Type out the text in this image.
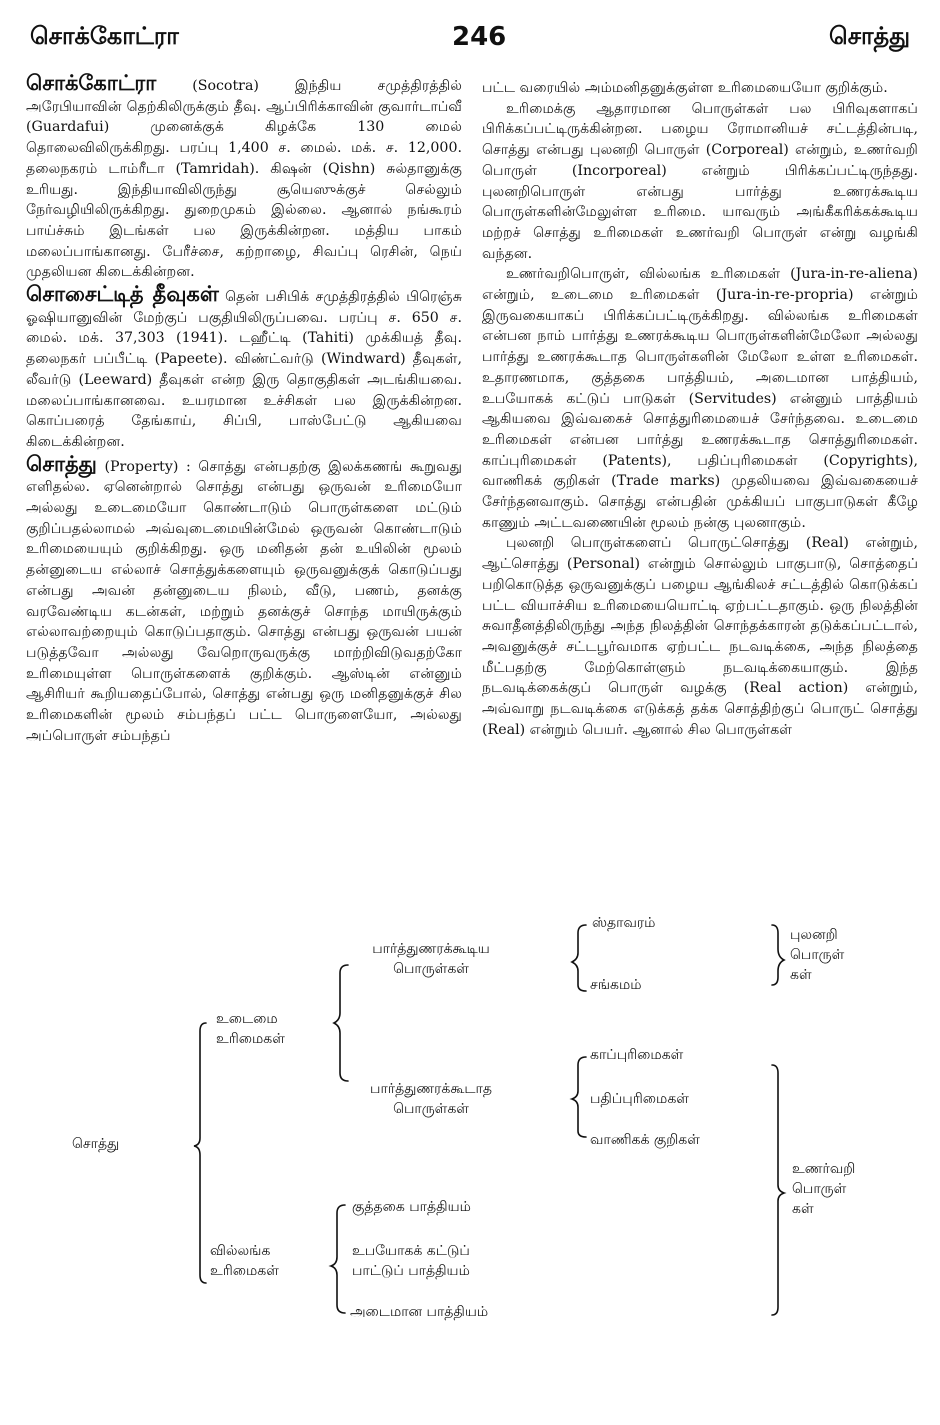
சொக்கோட்ரா	246	சொத்து

சொக்கோட்ரா	(Socotra) இந்திய சமுத்திரத்தில் அரேபியாவின் தெற்கிலிருக்கும் தீவு. ஆப்பிரிக்காவின் குவார்டாப்வீ (Guardafui) முனைக்குக் கிழக்கே 130 மைல் தொலைவிலிருக்கிறது. பரப்பு 1,400 ச. மைல். மக். ச. 12,000. தலைநகரம் டாம்ரீடா (Tamridah). கிஷன் (Qishn) சுல்தானுக்கு உரியது. இந்தியாவிலிருந்து சூயெஸுக்குச் செல்லும் நேர்வழியிலிருக்கிறது. துறைமுகம் இல்லை. ஆனால் நங்கூரம் பாய்ச்சும் இடங்கள் பல இருக்கின்றன. மத்திய பாகம் மலைப்பாங்கானது. பேரீச்சை, கற்றாழை, சிவப்பு ரெசின், நெய் முதலியன கிடைக்கின்றன.

சொசைட்டித் தீவுகள் தென் பசிபிக் சமுத்திரத்தில் பிரெஞ்சு ஓஷியானுவின் மேற்குப் பகுதியிலிருப்பவை. பரப்பு ச. 650 ச. மைல். மக். 37,303 (1941). டஹீட்டி (Tahiti) முக்கியத் தீவு. தலைநகர் பப்பீட்டி (Papeete). விண்ட்வர்டு (Windward) தீவுகள், லீவர்டு (Leeward) தீவுகள் என்ற இரு தொகுதிகள் அடங்கியவை. மலைப்பாங்கானவை. உயரமான உச்சிகள் பல இருக்கின்றன. கொப்பரைத் தேங்காய், சிப்பி, பாஸ்பேட்டு ஆகியவை கிடைக்கின்றன.

சொத்து (Property) : சொத்து என்பதற்கு இலக்கணங் கூறுவது எளிதல்ல. ஏனென்றால் சொத்து என்பது ஒருவன் உரிமையோ அல்லது உடைமையோ கொண்டாடும் பொருள்களை மட்டும் குறிப்பதல்லாமல் அவ்வுடைமையின்மேல் ஒருவன் கொண்டாடும் உரிமையையும் குறிக்கிறது. ஒரு மனிதன் தன் உயிலின் மூலம் தன்னுடைய எல்லாச் சொத்துக்களையும் ஒருவனுக்குக் கொடுப்பது என்பது அவன் தன்னுடைய நிலம், வீடு, பணம், தனக்கு வரவேண்டிய கடன்கள், மற்றும் தனக்குச் சொந்த மாயிருக்கும் எல்லாவற்றையும் கொடுப்பதாகும். சொத்து என்பது ஒருவன் பயன் படுத்தவோ அல்லது வேறொருவருக்கு மாற்றிவிடுவதற்கோ உரிமையுள்ள பொருள்களைக் குறிக்கும். ஆஸ்டின் என்னும் ஆசிரியர் கூறியதைப்போல், சொத்து என்பது ஒரு மனிதனுக்குச் சில உரிமைகளின் மூலம் சம்பந்தப் பட்ட பொருளையோ, அல்லது அப்பொருள் சம்பந்தப்

பட்ட வரையில் அம்மனிதனுக்குள்ள உரிமையையோ குறிக்கும்.

உரிமைக்கு ஆதாரமான பொருள்கள் பல பிரிவுகளாகப் பிரிக்கப்பட்டிருக்கின்றன. பழைய ரோமானியச் சட்டத்தின்படி, சொத்து என்பது புலனறி பொருள் (Corporeal) என்றும், உணர்வறி பொருள் (Incorporeal) என்றும் பிரிக்கப்பட்டிருந்தது. புலனறிபொருள் என்பது பார்த்து உணரக்கூடிய பொருள்களின்மேலுள்ள உரிமை. யாவரும் அங்கீகரிக்கக்கூடிய மற்றச் சொத்து உரிமைகள் உணர்வறி பொருள் என்று வழங்கி வந்தன.

உணர்வறிபொருள், வில்லங்க உரிமைகள் (Jura-in-re-aliena) என்றும், உடைமை உரிமைகள் (Jura-in-re-propria) என்றும் இருவகையாகப் பிரிக்கப்பட்டிருக்கிறது. வில்லங்க உரிமைகள் என்பன நாம் பார்த்து உணரக்கூடிய பொருள்களின்மேலோ அல்லது பார்த்து உணரக்கூடாத பொருள்களின் மேலோ உள்ள உரிமைகள். உதாரணமாக, குத்தகை பாத்தியம், அடைமான பாத்தியம், உபயோகக் கட்டுப் பாடுகள் (Servitudes) என்னும் பாத்தியம் ஆகியவை இவ்வகைச் சொத்துரிமையைச் சேர்ந்தவை. உடைமை உரிமைகள் என்பன பார்த்து உணரக்கூடாத சொத்துரிமைகள். காப்புரிமைகள் (Patents), பதிப்புரிமைகள் (Copyrights), வாணிகக் குறிகள் (Trade marks) முதலியவை இவ்வகையைச் சேர்ந்தனவாகும். சொத்து என்பதின் முக்கியப் பாகுபாடுகள் கீழே காணும் அட்டவணையின் மூலம் நன்கு புலனாகும்.

புலனறி பொருள்களைப் பொருட்சொத்து (Real) என்றும், ஆட்சொத்து (Personal) என்றும் சொல்லும் பாகுபாடு, சொத்தைப் பறிகொடுத்த ஒருவனுக்குப் பழைய ஆங்கிலச் சட்டத்தில் கொடுக்கப் பட்ட வியாச்சிய உரிமையையொட்டி ஏற்பட்டதாகும். ஒரு நிலத்தின் சுவாதீனத்திலிருந்து அந்த நிலத்தின் சொந்தக்காரன் தடுக்கப்பட்டால், அவனுக்குச் சட்டபூர்வமாக ஏற்பட்ட நடவடிக்கை, அந்த நிலத்தை மீட்பதற்கு மேற்கொள்ளும் நடவடிக்கையாகும். இந்த நடவடிக்கைக்குப் பொருள் வழக்கு (Real action) என்றும், அவ்வாறு நடவடிக்கை எடுக்கத் தக்க சொத்திற்குப் பொருட் சொத்து (Real) என்றும் பெயர். ஆனால் சில பொருள்கள்

சொத்து
உடைமை
உரிமைகள்
வில்லங்க
உரிமைகள்
பார்த்துணரக்கூடிய
பொருள்கள்
பார்த்துணரக்கூடாத
பொருள்கள்
ஸ்தாவரம்
சங்கமம்
புலனறி
பொருள்
கள்
காப்புரிமைகள்
பதிப்புரிமைகள்
வாணிகக் குறிகள்
குத்தகை பாத்தியம்
உபயோகக் கட்டுப்
பாட்டுப் பாத்தியம்
அடைமான பாத்தியம்
உணர்வறி
பொருள்
கள்
